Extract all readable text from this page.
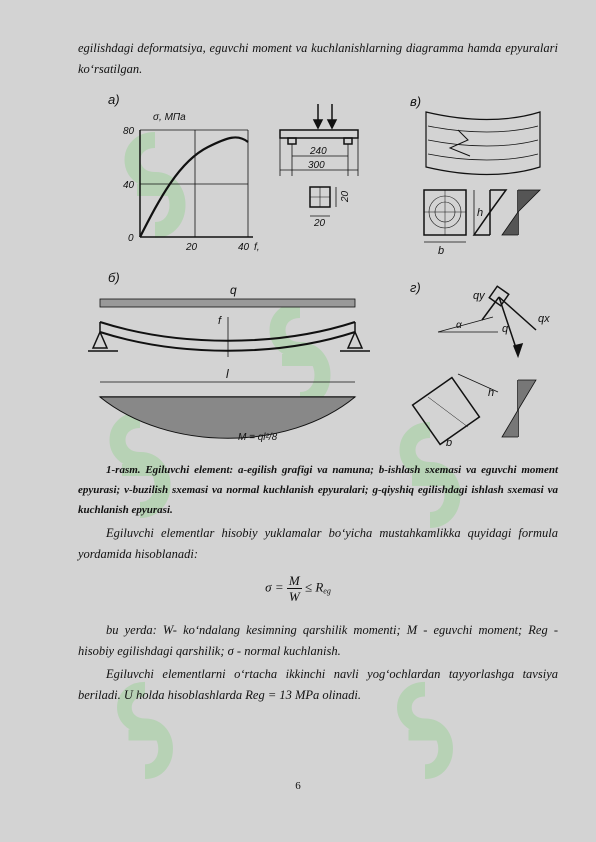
egilishdagi deformatsiya, eguvchi moment va kuchlanishlarning diagramma hamda epyuralari ko‘rsatilgan.
a)
σ, МПа
80
40
0
20	40 f,
240
300
20
20
в)
h
b
б)
q
f
l
M = ql²/8
г)
α
qy
qx
q
h
b
1-rasm. Egiluvchi element: a-egilish grafigi va namuna; b-ishlash sxemasi va eguvchi moment epyurasi; v-buzilish sxemasi va normal kuchlanish epyuralari; g-qiyshiq egilishdagi ishlash sxemasi va kuchlanish epyurasi.
Egiluvchi elementlar hisobiy yuklamalar bo‘yicha mustahkamlikka quyidagi formula yordamida hisoblanadi:
$\sigma = \frac{M}{W} \le R_{eg}$
bu yerda: W- ko‘ndalang kesimning qarshilik momenti; M - eguvchi moment; Reg - hisobiy egilishdagi qarshilik; σ - normal kuchlanish.
Egiluvchi elementlarni o‘rtacha ikkinchi navli yog‘ochlardan tayyorlashga tavsiya beriladi. U holda hisoblashlarda Reg = 13 MPa olinadi.
6
